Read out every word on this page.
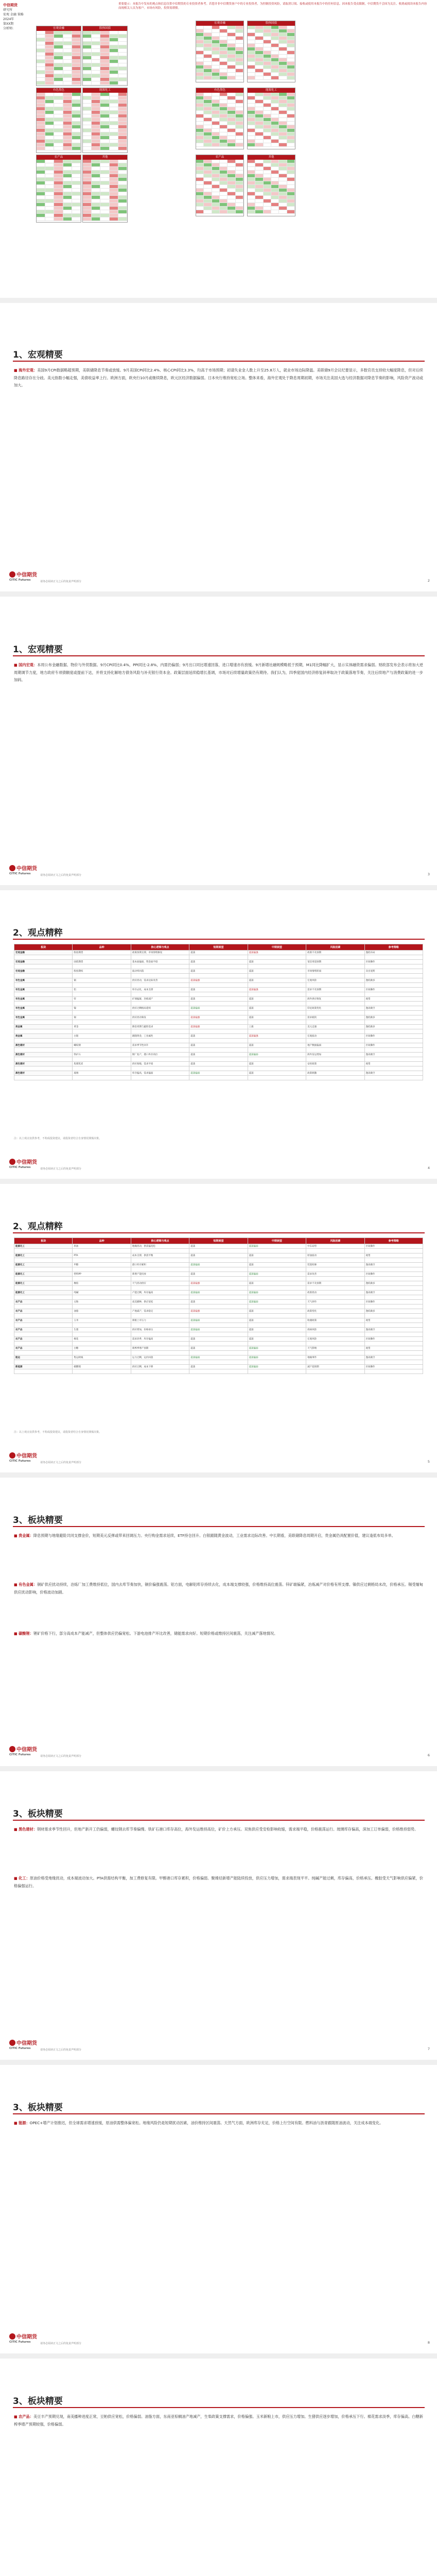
中信期货
研究所
宏观 金融 策略
2024年
第XX期
分析师:
重要提示：本报告中发布的观点和信息仅供中信期货的专业投资者参考。若您并非中信期货客户中的专业投资者，为控制投资风险，请取消订阅、接收或使用本报告中的任何信息。因本报告受众限制，中信期货不会因为关注、收到或阅读本报告内容而视相关人员为客户。市场有风险，投资需谨慎。
宏观金融	股指国债
有色黑色	能源化工
农产品	其他
宏观金融	股指国债
有色黑色	能源化工
农产品	其他
1、宏观精要
■ 海外宏观：美国9月CPI数据略超预期，美联储降息节奏或放缓。9月美国CPI同比2.4%、核心CPI同比3.3%，均高于市场预期；初请失业金人数上升至25.8万人，就业市场边际降温。美联储9月会议纪要显示，多数官员支持较大幅度降息，但对后续降息路径存在分歧。美元指数小幅走强，美债收益率上行。欧洲方面，欧央行10月或继续降息，欧元区经济数据偏弱。日本央行维持宽松立场。整体来看，海外宏观处于降息周期初期，市场关注美国大选与经济数据对降息节奏的影响，风险资产波动或加大。
中信期货
CITIC Futures	请务必阅读正文之后的免责声明部分	2
1、宏观精要
■ 国内宏观：本周公布金融数据、物价与外贸数据。9月CPI同比0.4%，PPI同比-2.8%，内需仍偏弱；9月出口同比增速回落，进口增速亦有放缓。9月新增社融规模略低于预期，M1同比降幅扩大，显示实体融资需求偏弱。财政部发布会表示将加大逆周期调节力度，地方政府专项债额度或提前下达，并将支持化解地方债务风险与补充银行资本金。政策层面延续稳增长基调，市场对后续增量政策仍有期待。我们认为，四季度国内经济修复斜率取决于政策落地节奏，关注后续地产与消费政策的进一步加码。
中信期货
CITIC Futures	请务必阅读正文之后的免责声明部分	3
2、观点精粹
板块	品种	核心逻辑与观点	短期展望	中期展望	风险因素	参考策略
宏观金融	股指期货	政策预期支撑，市场情绪修复	震荡	震荡偏强	政策不及预期	逢低布局

宏观金融	国债期货	基本面偏弱，资金面平稳	震荡	震荡	宽信用超预期	区间操作

宏观金融	股指期权	波动率回落	震荡	震荡	市场情绪转弱	卖出宽跨

有色金属	铜	供应扰动，需求边际改善	震荡偏强	震荡	宏观风险	逢低做多

有色金属	铝	库存去化，成本支撑	震荡	震荡偏强	需求不及预期	区间操作

有色金属	锌	矿端偏紧，冶炼减产	震荡	震荡	海外供应恢复	观望

有色金属	镍	供应过剩格局延续	震荡偏弱	震荡	印尼政策变化	逢高做空

有色金属	锡	供应扰动频发	震荡偏强	震荡	需求疲软	逢低做多

贵金属	黄金	降息周期与避险需求	震荡偏强	上涨	美元走强	逢低做多

贵金属	白银	跟随黄金，工业属性	震荡	震荡偏强	宏观波动	区间操作

黑色建材	螺纹钢	需求季节性回升	震荡	震荡	地产数据偏弱	区间操作

黑色建材	铁矿石	钢厂复产，港口库存高位	震荡	震荡偏弱	海外发运增加	逢高做空

黑色建材	焦煤焦炭	供应收缩，需求平稳	震荡	震荡	安检政策	观望

黑色建材	玻璃	库存偏高，需求偏弱	震荡偏弱	震荡	政策刺激	逢高做空

注：以上观点仅供参考，不构成投资建议，请投资者结合自身情况谨慎决策。
中信期货
CITIC Futures	请务必阅读正文之后的免责声明部分	4
2、观点精粹
板块	品种	核心逻辑与观点	短期展望	中期展望	风险因素	参考策略
能源化工	原油	地缘扰动，供需偏宽松	震荡	震荡偏弱	中东局势	区间操作

能源化工	PTA	成本支撑，供需平衡	震荡	震荡	原油波动	观望

能源化工	甲醇	港口库存累积	震荡偏弱	震荡	装置检修	逢高做空

能源化工	塑料PP	新增产能投放	震荡	震荡偏弱	需求改善	区间操作

能源化工	橡胶	天气扰动供应	震荡偏强	震荡	需求不及预期	逢低做多

能源化工	纯碱	产能过剩，库存偏高	震荡偏弱	震荡偏弱	政策扰动	逢高做空

农产品	豆粕	南美播种，供应宽松	震荡	震荡偏弱	天气炒作	区间操作

农产品	油脂	产地减产，需求稳定	震荡偏强	震荡	政策变化	逢低做多

农产品	玉米	新粮上市压力	震荡偏弱	震荡	收储政策	观望

农产品	生猪	供应增加，价格承压	震荡偏弱	震荡	疫病风险	逢高做空

农产品	棉花	需求淡季，库存偏高	震荡	震荡	宏观风险	区间操作

农产品	白糖	新榨季增产预期	震荡	震荡偏弱	天气影响	观望

航运	集运欧线	运力过剩，运价回落	震荡偏弱	震荡偏弱	地缘事件	逢高做空

新能源	碳酸锂	供应过剩，成本下移	震荡	震荡偏弱	减产超预期	区间操作

注：以上观点仅供参考，不构成投资建议，请投资者结合自身情况谨慎决策。
中信期货
CITIC Futures	请务必阅读正文之后的免责声明部分	5
3、板块精要
■ 贵金属：降息预期与地缘避险共同支撑金价，短期美元反弹或带来回调压力。央行购金需求延续，ETF持仓回升。白银跟随黄金波动，工业需求边际改善。中长期看，美联储降息周期开启，贵金属仍具配置价值，建议逢低布局多单。
■ 有色金属：铜矿供应扰动持续，冶炼厂加工费维持低位，国内去库节奏加快，铜价偏强震荡。铝方面，电解铝库存持续去化，成本端支撑较强，价格维持高位震荡。锌矿端偏紧，冶炼减产对价格有所支撑。镍供应过剩格局未改，价格承压。锡受缅甸供应扰动影响，价格波动加剧。
■ 碳酸锂：锂矿价格下行，部分高成本产能减产，但整体供应仍偏宽松。下游电池排产环比改善，储能需求向好。短期价格或维持区间震荡，关注减产落地情况。
中信期货
CITIC Futures	请务必阅读正文之后的免责声明部分	6
3、板块精要
■ 黑色建材：钢材需求季节性回升，但地产新开工仍偏弱，螺纹钢去库节奏偏慢。铁矿石港口库存高位，海外发运维持高位，矿价上方承压。双焦供应受安检影响收缩，需求端平稳，价格震荡运行。玻璃库存偏高，深加工订单偏弱，价格维持弱势。
■ 化工：原油价格受地缘扰动，成本端波动加大。PTA供需结构平衡，加工费修复有限。甲醇港口库存累积，价格偏弱。聚烯烃新增产能陆续投放，供应压力增加，需求端表现平平。纯碱产能过剩，库存偏高，价格承压。橡胶受天气影响供应偏紧，价格偏强运行。
中信期货
CITIC Futures	请务必阅读正文之后的免责声明部分	7
3、板块精要
■ 能源：OPEC+增产计划推迟，但全球需求增速放缓，原油供需整体偏宽松。地缘风险仍是短期扰动因素，油价维持区间震荡。天然气方面，欧洲库存充足，价格上行空间有限。燃料油与沥青跟随原油波动，关注成本端变化。
中信期货
CITIC Futures	请务必阅读正文之后的免责声明部分	8
3、板块精要
■ 农产品：美豆丰产预期兑现，南美播种进度正常，豆粕供应宽松，价格偏弱。油脂方面，东南亚棕榈油产地减产，生柴政策支撑需求，价格偏强。玉米新粮上市，供应压力增加。生猪供应逐步增加，价格承压下行。棉花需求淡季，库存偏高。白糖新榨季增产预期较强，价格偏弱。
